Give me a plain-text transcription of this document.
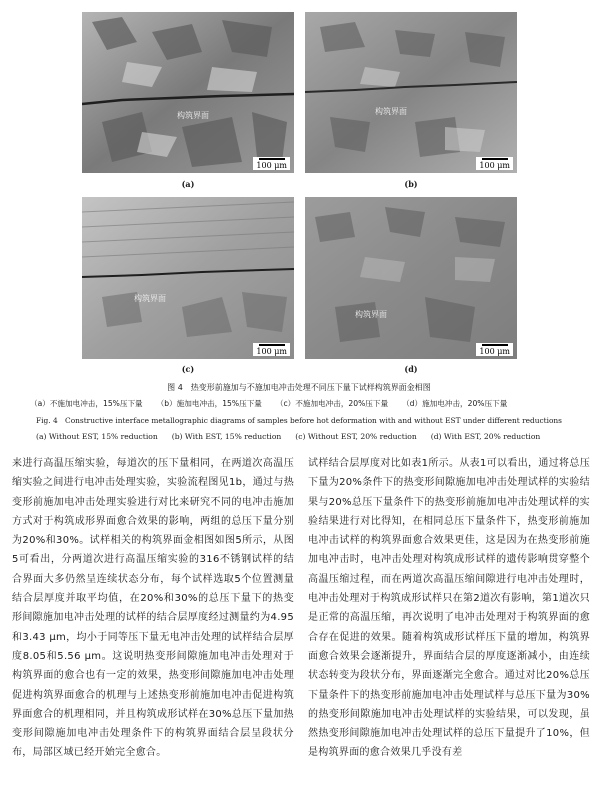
构筑界面
100 μm
(a)
构筑界面
100 μm
(b)
构筑界面
100 μm
(c)
构筑界面
100 μm
(d)
图 4　热变形前施加与不施加电冲击处理不同压下量下试样构筑界面金相图
（a）不施加电冲击，15%压下量 （b）施加电冲击，15%压下量 （c）不施加电冲击，20%压下量 （d）施加电冲击，20%压下量
Fig. 4　Constructive interface metallographic diagrams of samples before hot deformation with and without EST under different reductions
(a) Without EST, 15% reduction (b) With EST, 15% reduction (c) Without EST, 20% reduction (d) With EST, 20% reduction
来进行高温压缩实验，每道次的压下量相同，在两道次高温压缩实验之间进行电冲击处理实验，实验流程图见1b，通过与热变形前施加电冲击处理实验进行对比来研究不同的电冲击施加方式对于构筑成形界面愈合效果的影响，两组的总压下量分别为20%和30%。试样相关的构筑界面金相图如图5所示，从图5可看出，分两道次进行高温压缩实验的316不锈钢试样的结合界面大多仍然呈连续状态分布，每个试样选取5个位置测量结合层厚度并取平均值，在20%和30%的总压下量下的热变形间隙施加电冲击处理的试样的结合层厚度经过测量约为4.95和3.43 μm，均小于同等压下量无电冲击处理的试样结合层厚度8.05和5.56 μm。这说明热变形间隙施加电冲击处理对于构筑界面的愈合也有一定的效果，热变形间隙施加电冲击处理促进构筑界面愈合的机理与上述热变形前施加电冲击促进构筑界面愈合的机理相同，并且构筑成形试样在30%总压下量加热变形间隙施加电冲击处理条件下的构筑界面结合层呈段状分布，局部区域已经开始完全愈合。
试样结合层厚度对比如表1所示。从表1可以看出，通过将总压下量为20%条件下的热变形间隙施加电冲击处理试样的实验结果与20%总压下量条件下的热变形前施加电冲击处理试样的实验结果进行对比得知，在相同总压下量条件下，热变形前施加电冲击试样的构筑界面愈合效果更佳，这是因为在热变形前施加电冲击时，电冲击处理对构筑成形试样的遗传影响贯穿整个高温压缩过程，而在两道次高温压缩间隙进行电冲击处理时，电冲击处理对于构筑成形试样只在第2道次有影响，第1道次只是正常的高温压缩，再次说明了电冲击处理对于构筑界面的愈合存在促进的效果。随着构筑成形试样压下量的增加，构筑界面愈合效果会逐渐提升，界面结合层的厚度逐渐减小，由连续状态转变为段状分布，界面逐渐完全愈合。通过对比20%总压下量条件下的热变形前施加电冲击处理试样与总压下量为30%的热变形间隙施加电冲击处理试样的实验结果，可以发现，虽然热变形间隙施加电冲击处理试样的总压下量提升了10%，但是构筑界面的愈合效果几乎没有差
